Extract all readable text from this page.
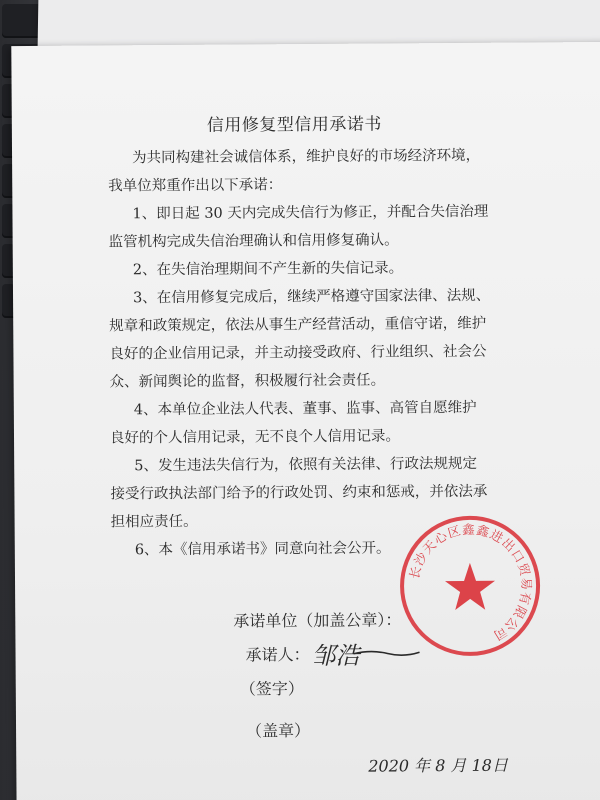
信用修复型信用承诺书
为共同构建社会诚信体系，维护良好的市场经济环境，
我单位郑重作出以下承诺：
1、即日起 30 天内完成失信行为修正，并配合失信治理
监管机构完成失信治理确认和信用修复确认。
2、在失信治理期间不产生新的失信记录。
3、在信用修复完成后，继续严格遵守国家法律、法规、
规章和政策规定，依法从事生产经营活动，重信守诺，维护
良好的企业信用记录，并主动接受政府、行业组织、社会公
众、新闻舆论的监督，积极履行社会责任。
4、本单位企业法人代表、董事、监事、高管自愿维护
良好的个人信用记录，无不良个人信用记录。
5、发生违法失信行为，依照有关法律、行政法规规定
接受行政执法部门给予的行政处罚、约束和惩戒，并依法承
担相应责任。
6、本《信用承诺书》同意向社会公开。
承诺单位（加盖公章）：
承诺人： 邹浩
（签字）
（盖章）
2020 年 8 月 18日
长沙天心区鑫鑫进出口贸易有限公司
